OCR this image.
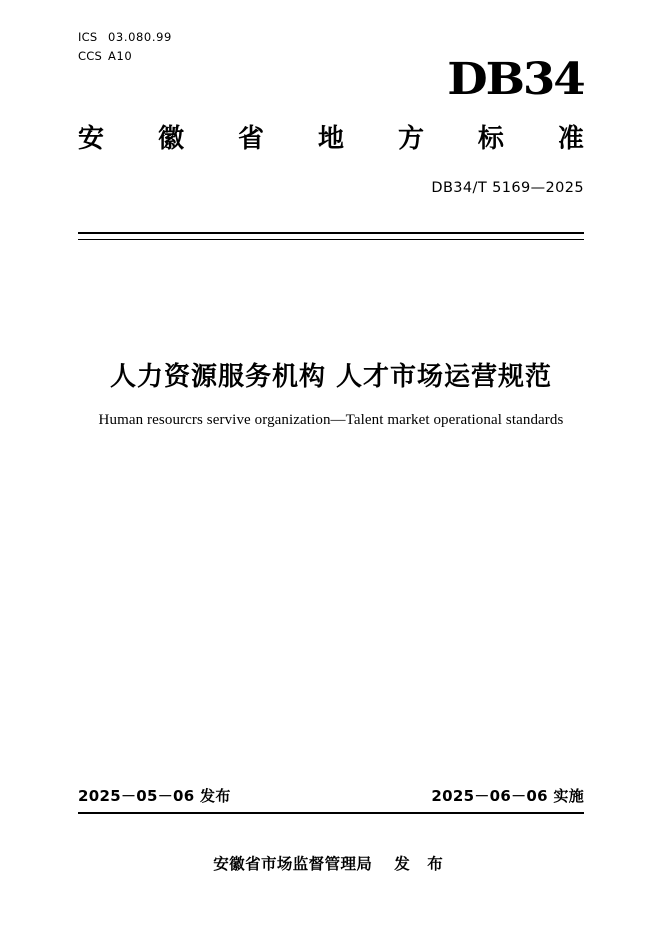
ICS 03.080.99
CCS A10	DB34
安 徽 省 地 方 标 准
DB34/T 5169—2025
人力资源服务机构 人才市场运营规范
Human resourcrs servive organization—Talent market operational standards
2025－05－06 发布	2025－06－06 实施
安徽省市场监督管理局 发 布
